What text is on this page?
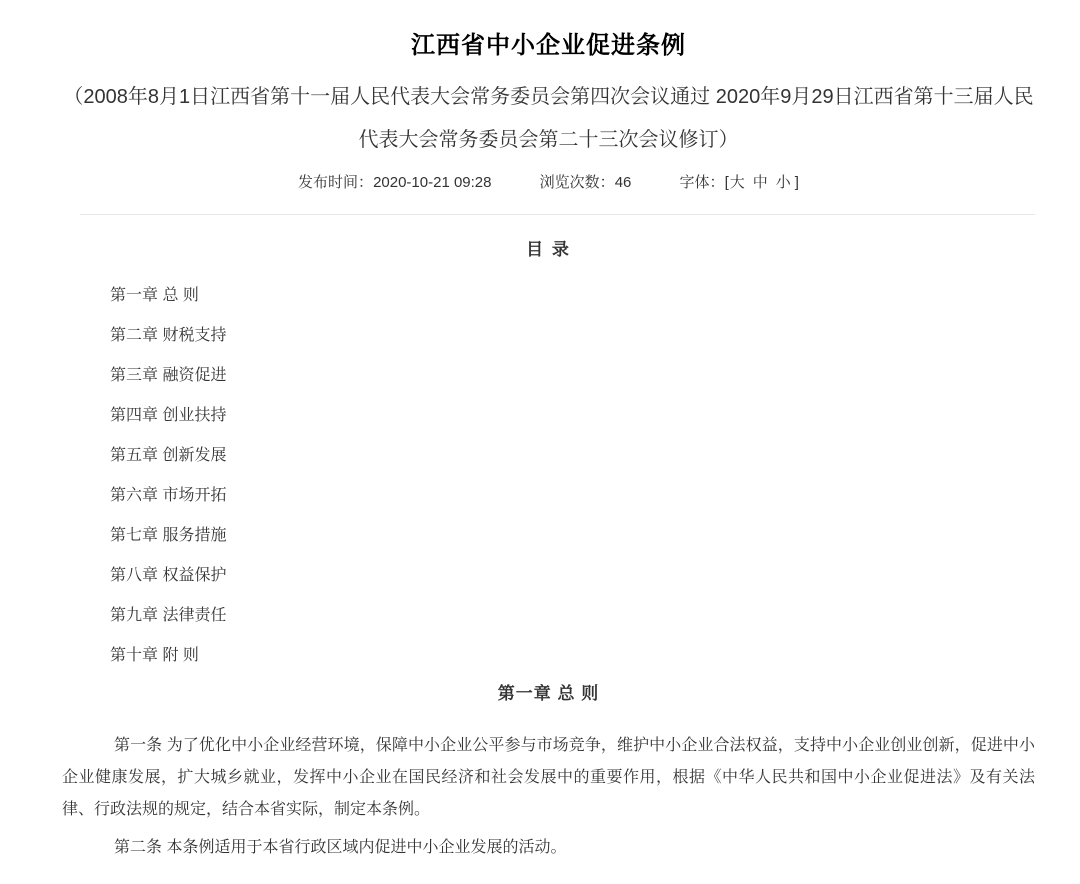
江西省中小企业促进条例
（2008年8月1日江西省第十一届人民代表大会常务委员会第四次会议通过 2020年9月29日江西省第十三届人民代表大会常务委员会第二十三次会议修订）
发布时间：2020-10-21 09:28	浏览次数：46	字体：[大 中 小 ]
目 录
第一章 总 则
第二章 财税支持
第三章 融资促进
第四章 创业扶持
第五章 创新发展
第六章 市场开拓
第七章 服务措施
第八章 权益保护
第九章 法律责任
第十章 附 则
第一章 总 则

第一条 为了优化中小企业经营环境，保障中小企业公平参与市场竞争，维护中小企业合法权益，支持中小企业创业创新，促进中小企业健康发展，扩大城乡就业，发挥中小企业在国民经济和社会发展中的重要作用，根据《中华人民共和国中小企业促进法》及有关法律、行政法规的规定，结合本省实际，制定本条例。

第二条 本条例适用于本省行政区域内促进中小企业发展的活动。
